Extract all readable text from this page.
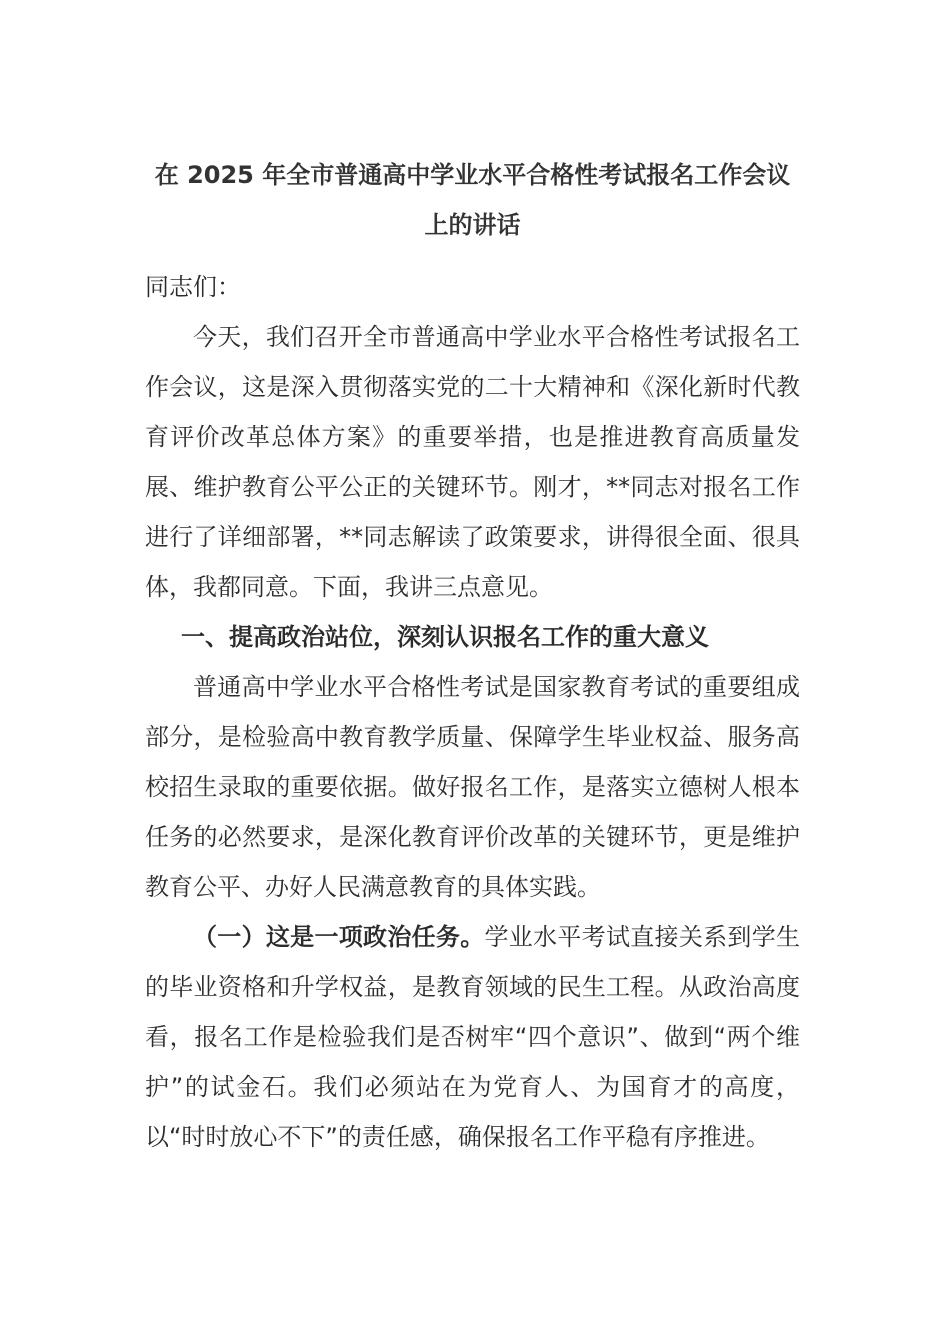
在 2025 年全市普通高中学业水平合格性考试报名工作会议上的讲话

同志们：

今天，我们召开全市普通高中学业水平合格性考试报名工作会议，这是深入贯彻落实党的二十大精神和《深化新时代教育评价改革总体方案》的重要举措，也是推进教育高质量发展、维护教育公平公正的关键环节。刚才，**同志对报名工作进行了详细部署，**同志解读了政策要求，讲得很全面、很具体，我都同意。下面，我讲三点意见。

一、提高政治站位，深刻认识报名工作的重大意义

普通高中学业水平合格性考试是国家教育考试的重要组成部分，是检验高中教育教学质量、保障学生毕业权益、服务高校招生录取的重要依据。做好报名工作，是落实立德树人根本任务的必然要求，是深化教育评价改革的关键环节，更是维护教育公平、办好人民满意教育的具体实践。

（一）这是一项政治任务。学业水平考试直接关系到学生的毕业资格和升学权益，是教育领域的民生工程。从政治高度看，报名工作是检验我们是否树牢“四个意识”、做到“两个维护”的试金石。我们必须站在为党育人、为国育才的高度，以“时时放心不下”的责任感，确保报名工作平稳有序推进。
